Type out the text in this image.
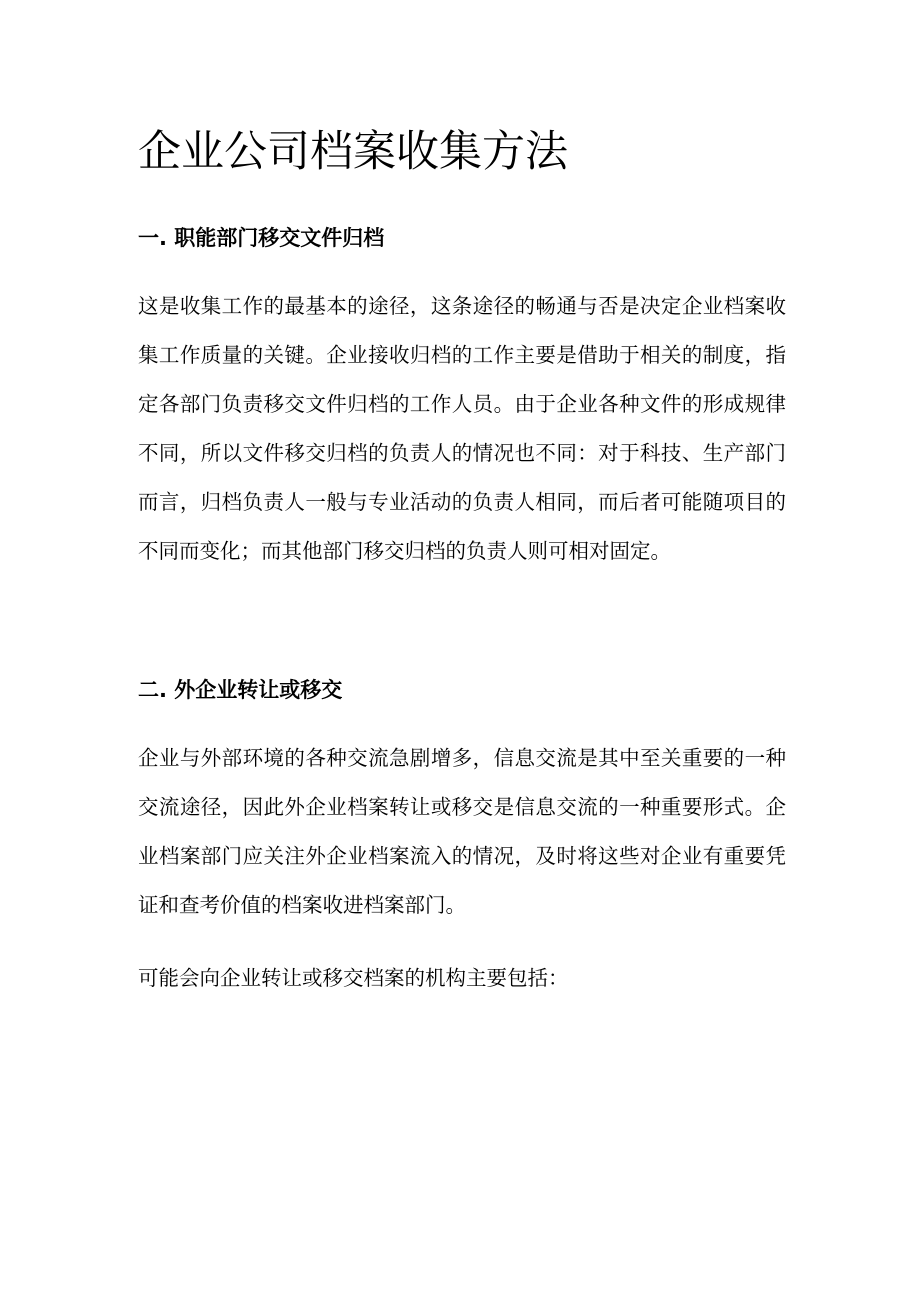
企业公司档案收集方法
一. 职能部门移交文件归档

这是收集工作的最基本的途径，这条途径的畅通与否是决定企业档案收集工作质量的关键。企业接收归档的工作主要是借助于相关的制度，指定各部门负责移交文件归档的工作人员。由于企业各种文件的形成规律不同，所以文件移交归档的负责人的情况也不同：对于科技、生产部门而言，归档负责人一般与专业活动的负责人相同，而后者可能随项目的不同而变化；而其他部门移交归档的负责人则可相对固定。

二. 外企业转让或移交

企业与外部环境的各种交流急剧增多，信息交流是其中至关重要的一种交流途径，因此外企业档案转让或移交是信息交流的一种重要形式。企业档案部门应关注外企业档案流入的情况，及时将这些对企业有重要凭证和查考价值的档案收进档案部门。

可能会向企业转让或移交档案的机构主要包括：
